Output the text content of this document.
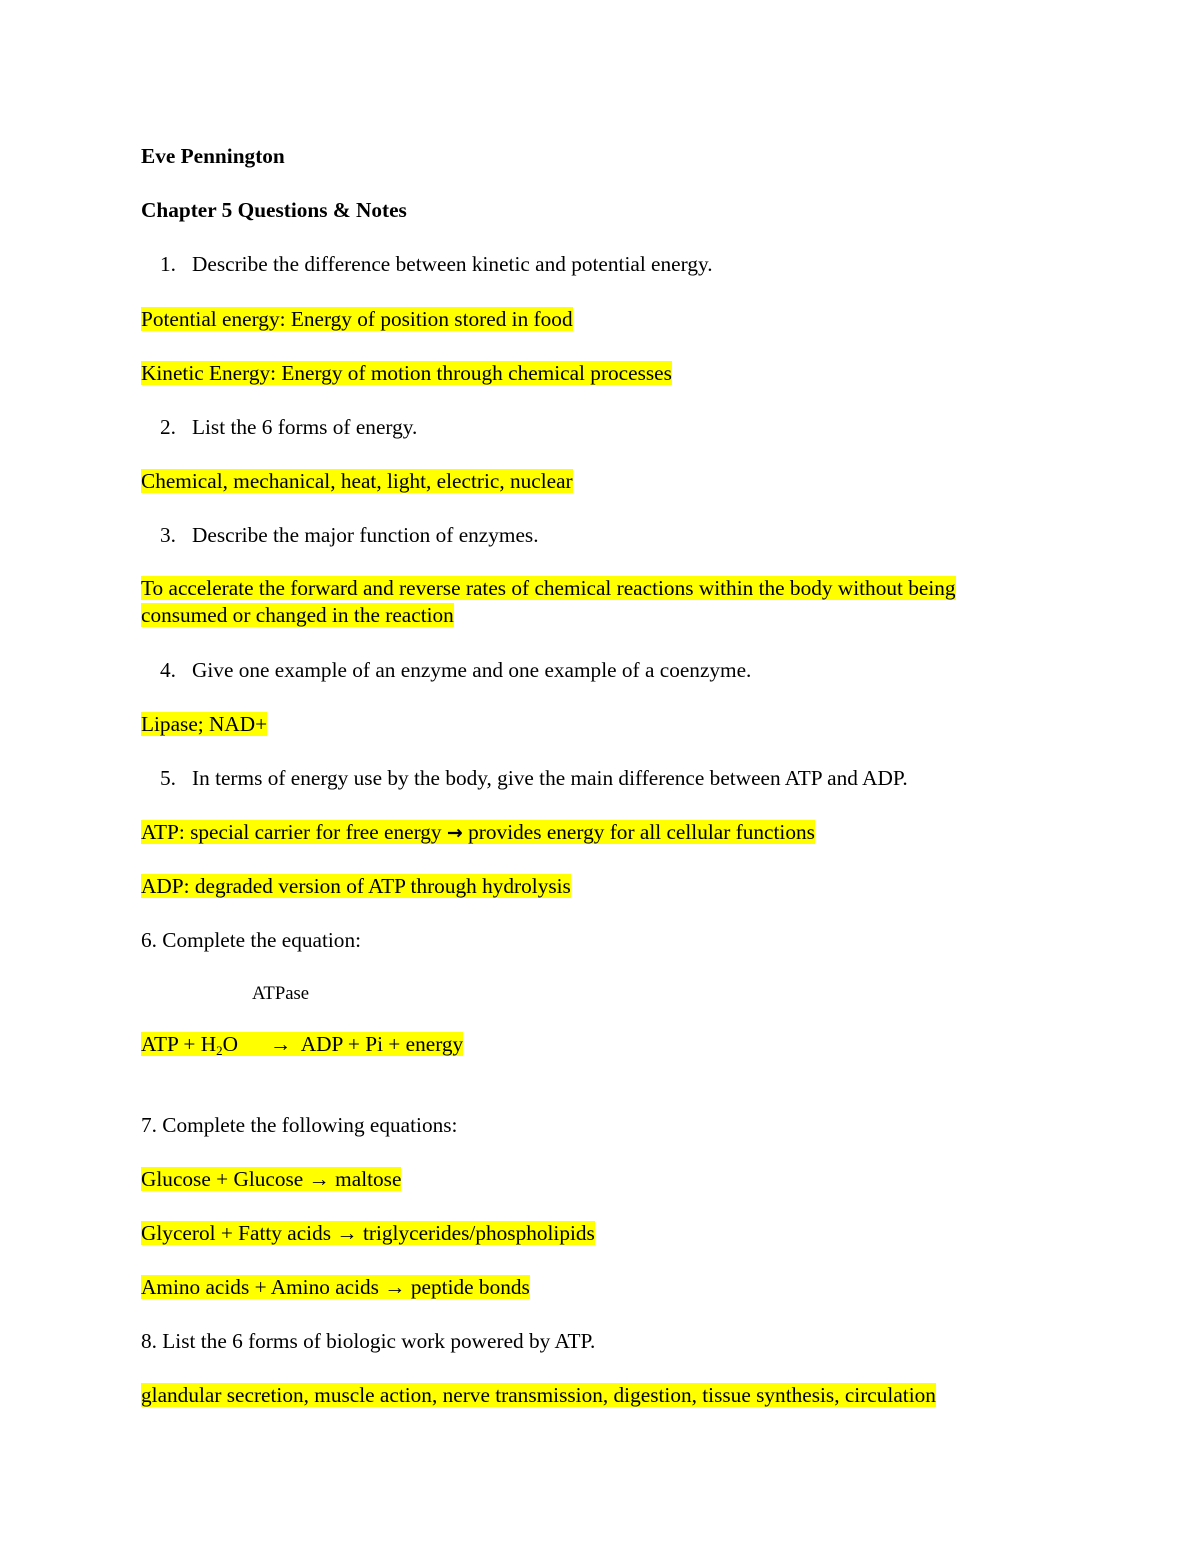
Eve Pennington
Chapter 5 Questions & Notes
1. Describe the difference between kinetic and potential energy.
Potential energy: Energy of position stored in food
Kinetic Energy: Energy of motion through chemical processes
2. List the 6 forms of energy.
Chemical, mechanical, heat, light, electric, nuclear
3. Describe the major function of enzymes.
To accelerate the forward and reverse rates of chemical reactions within the body without being
consumed or changed in the reaction
4. Give one example of an enzyme and one example of a coenzyme.
Lipase; NAD+
5. In terms of energy use by the body, give the main difference between ATP and ADP.
ATP: special carrier for free energy → provides energy for all cellular functions
ADP: degraded version of ATP through hydrolysis
6. Complete the equation:
ATPase
ATP + $H_2O$ → ADP + Pi + energy
7. Complete the following equations:
Glucose + Glucose → maltose
Glycerol + Fatty acids → triglycerides/phospholipids
Amino acids + Amino acids → peptide bonds
8. List the 6 forms of biologic work powered by ATP.
glandular secretion, muscle action, nerve transmission, digestion, tissue synthesis, circulation
